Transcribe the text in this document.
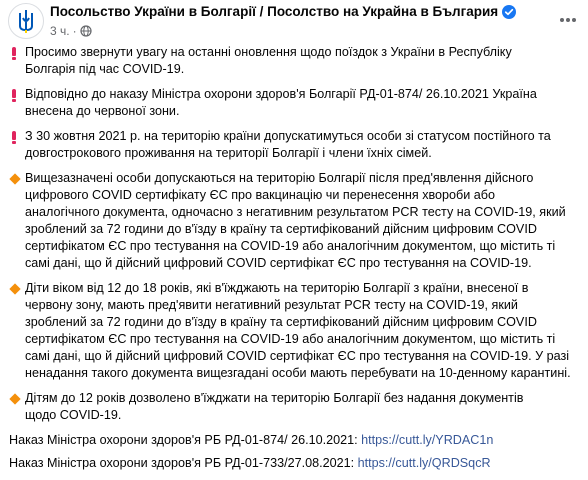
Посольство України в Болгарії / Посолство на Украйна в България
3 ч. ·
Просимо звернути увагу на останні оновлення щодо поїздок з України в Республіку
Болгарія під час COVID-19.
Відповідно до наказу Міністра охорони здоров'я Болгарії РД-01-874/ 26.10.2021 Україна
внесена до червоної зони.
З 30 жовтня 2021 р. на територію країни допускатимуться особи зі статусом постійного та
довгострокового проживання на території Болгарії і члени їхніх сімей.
Вищезазначені особи допускаються на територію Болгарії після пред'явлення дійсного
цифрового COVID сертифікату ЄС про вакцинацію чи перенесення хвороби або
аналогічного документа, одночасно з негативним результатом PCR тесту на COVID-19, який
зроблений за 72 години до в'їзду в країну та сертифікований дійсним цифровим COVID
сертифікатом ЄС про тестування на COVID-19 або аналогічним документом, що містить ті
самі дані, що й дійсний цифровий COVID сертифікат ЄС про тестування на COVID-19.
Діти віком від 12 до 18 років, які в'їжджають на територію Болгарії з країни, внесеної в
червону зону, мають пред'явити негативний результат PCR тесту на COVID-19, який
зроблений за 72 години до в'їзду в країну та сертифікований дійсним цифровим COVID
сертифікатом ЄС про тестування на COVID-19 або аналогічним документом, що містить ті
самі дані, що й дійсний цифровий COVID сертифікат ЄС про тестування на COVID-19. У разі
ненадання такого документа вищезгадані особи мають перебувати на 10-денному карантині.
Дітям до 12 років дозволено в'їжджати на територію Болгарії без надання документів
щодо COVID-19.
Наказ Міністра охорони здоров'я РБ РД-01-874/ 26.10.2021: https://cutt.ly/YRDAC1n
Наказ Міністра охорони здоров'я РБ РД-01-733/27.08.2021: https://cutt.ly/QRDSqcR
